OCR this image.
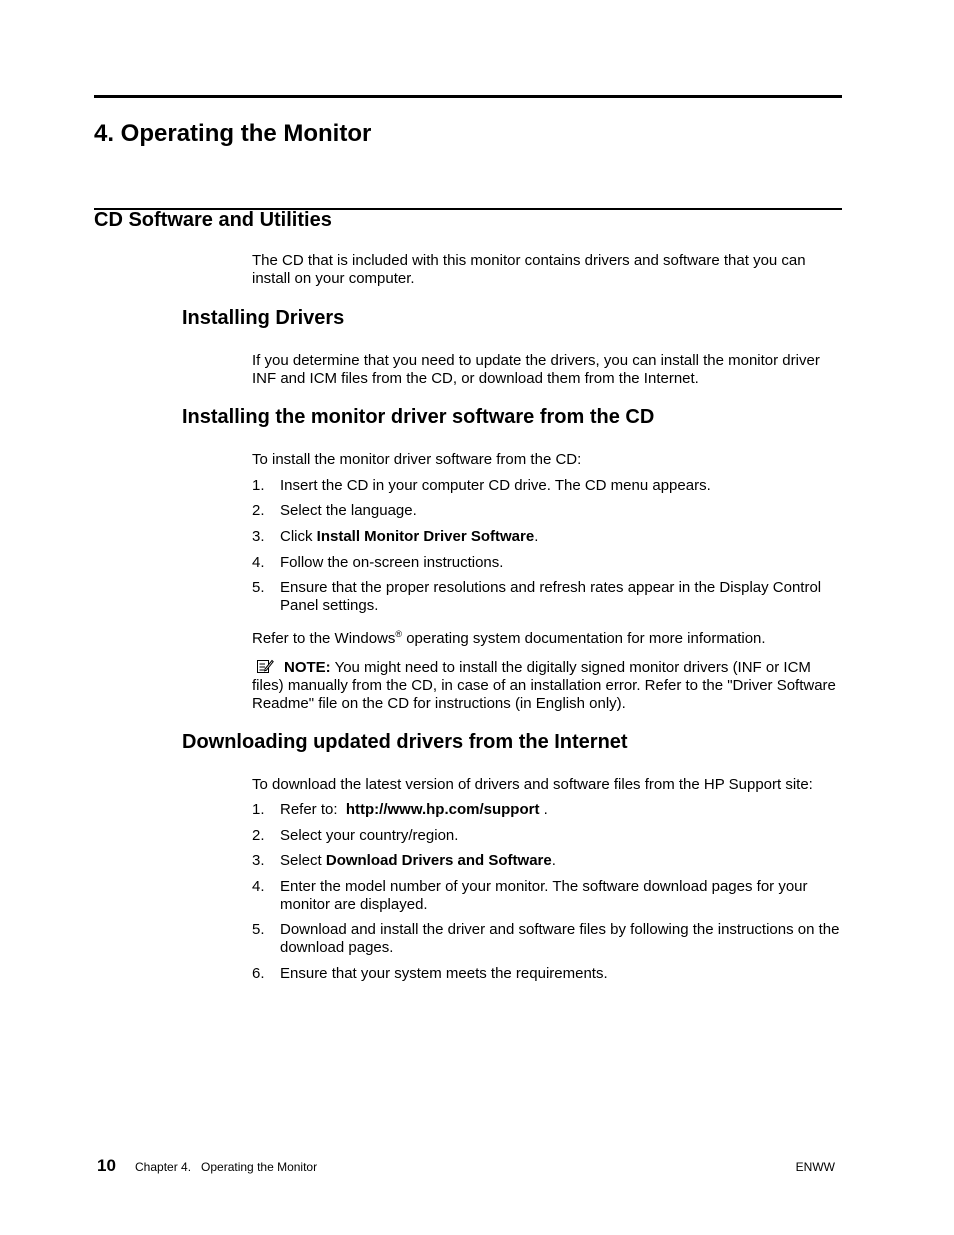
4. Operating the Monitor
CD Software and Utilities

The CD that is included with this monitor contains drivers and software that you can install on your computer.

Installing Drivers

If you determine that you need to update the drivers, you can install the monitor driver INF and ICM files from the CD, or download them from the Internet.

Installing the monitor driver software from the CD

To install the monitor driver software from the CD:

1. Insert the CD in your computer CD drive. The CD menu appears.
2. Select the language.
3. Click Install Monitor Driver Software.
4. Follow the on-screen instructions.
5. Ensure that the proper resolutions and refresh rates appear in the Display Control Panel settings.

Refer to the Windows® operating system documentation for more information.

NOTE: You might need to install the digitally signed monitor drivers (INF or ICM files) manually from the CD, in case of an installation error. Refer to the "Driver Software Readme" file on the CD for instructions (in English only).

Downloading updated drivers from the Internet

To download the latest version of drivers and software files from the HP Support site:

1. Refer to:  http://www.hp.com/support .
2. Select your country/region.
3. Select Download Drivers and Software.
4. Enter the model number of your monitor. The software download pages for your monitor are displayed.
5. Download and install the driver and software files by following the instructions on the download pages.
6. Ensure that your system meets the requirements.
10 Chapter 4.   Operating the Monitor	ENWW
